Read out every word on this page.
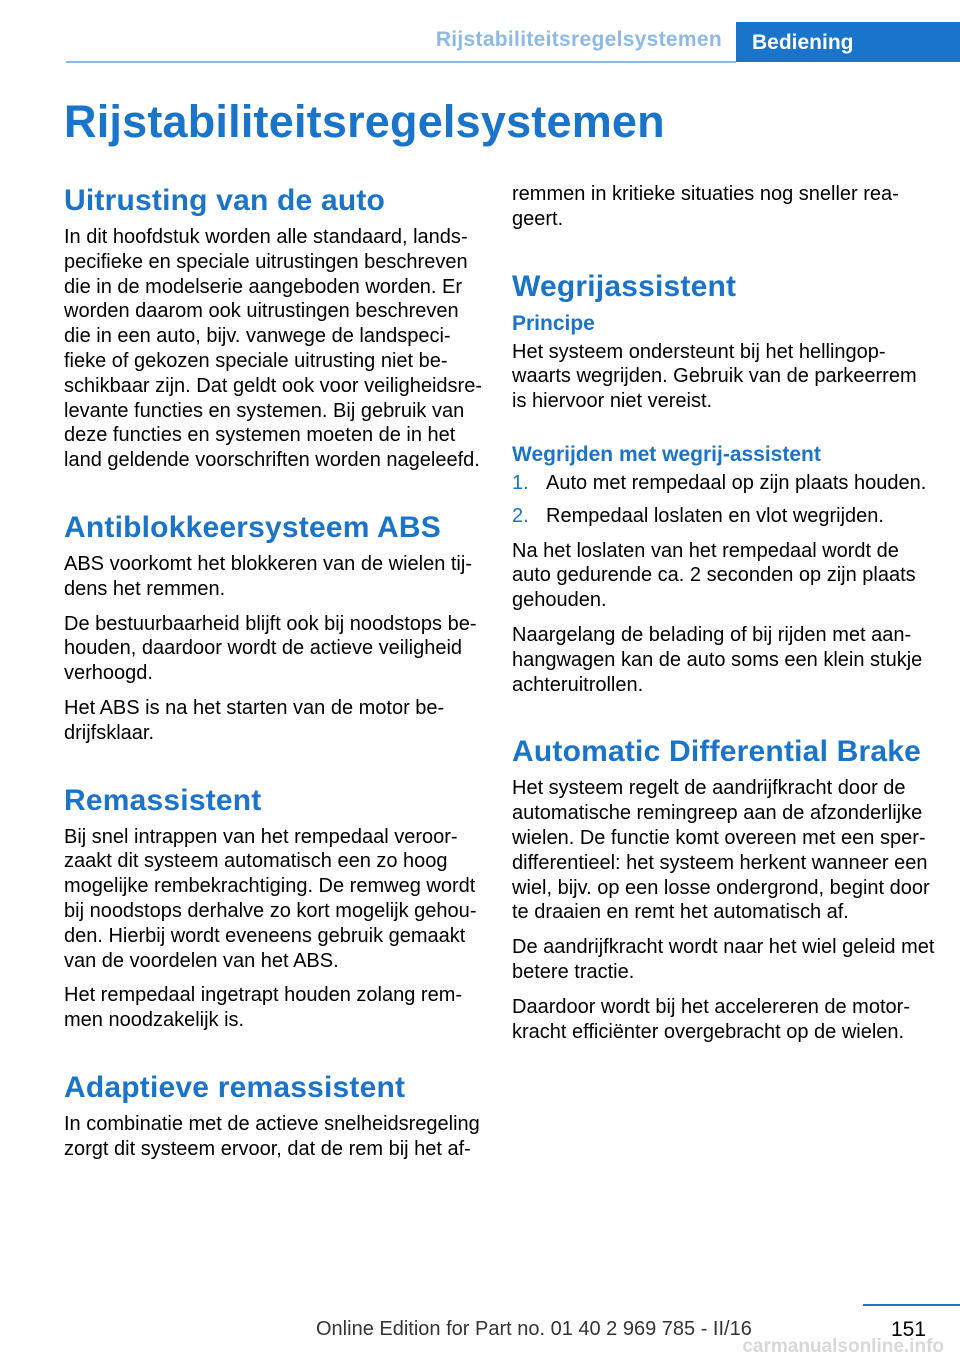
Rijstabiliteitsregelsystemen Bediening
Rijstabiliteitsregelsystemen
Uitrusting van de auto

In dit hoofdstuk worden alle standaard, landspecifieke en speciale uitrustingen beschreven die in de modelserie aangeboden worden. Er worden daarom ook uitrustingen beschreven die in een auto, bijv. vanwege de landspecifieke of gekozen speciale uitrusting niet beschikbaar zijn. Dat geldt ook voor veiligheidsrelevante functies en systemen. Bij gebruik van deze functies en systemen moeten de in het land geldende voorschriften worden nageleefd.

Antiblokkeersysteem ABS

ABS voorkomt het blokkeren van de wielen tijdens het remmen.

De bestuurbaarheid blijft ook bij noodstops behouden, daardoor wordt de actieve veiligheid verhoogd.

Het ABS is na het starten van de motor bedrijfsklaar.

Remassistent

Bij snel intrappen van het rempedaal veroorzaakt dit systeem automatisch een zo hoog mogelijke rembekrachtiging. De remweg wordt bij noodstops derhalve zo kort mogelijk gehouden. Hierbij wordt eveneens gebruik gemaakt van de voordelen van het ABS.

Het rempedaal ingetrapt houden zolang remmen noodzakelijk is.

Adaptieve remassistent

In combinatie met de actieve snelheidsregeling zorgt dit systeem ervoor, dat de rem bij het af-

remmen in kritieke situaties nog sneller reageert.

Wegrijassistent
Principe

Het systeem ondersteunt bij het hellingopwaarts wegrijden. Gebruik van de parkeerrem is hiervoor niet vereist.

Wegrijden met wegrij-assistent
1. Auto met rempedaal op zijn plaats houden.
2. Rempedaal loslaten en vlot wegrijden.

Na het loslaten van het rempedaal wordt de auto gedurende ca. 2 seconden op zijn plaats gehouden.

Naargelang de belading of bij rijden met aanhangwagen kan de auto soms een klein stukje achteruitrollen.

Automatic Differential Brake

Het systeem regelt de aandrijfkracht door de automatische remingreep aan de afzonderlijke wielen. De functie komt overeen met een sperdifferentieel: het systeem herkent wanneer een wiel, bijv. op een losse ondergrond, begint door te draaien en remt het automatisch af.

De aandrijfkracht wordt naar het wiel geleid met betere tractie.

Daardoor wordt bij het accelereren de motorkracht efficiënter overgebracht op de wielen.

151
Online Edition for Part no. 01 40 2 969 785 - II/16
carmanualsonline.info
